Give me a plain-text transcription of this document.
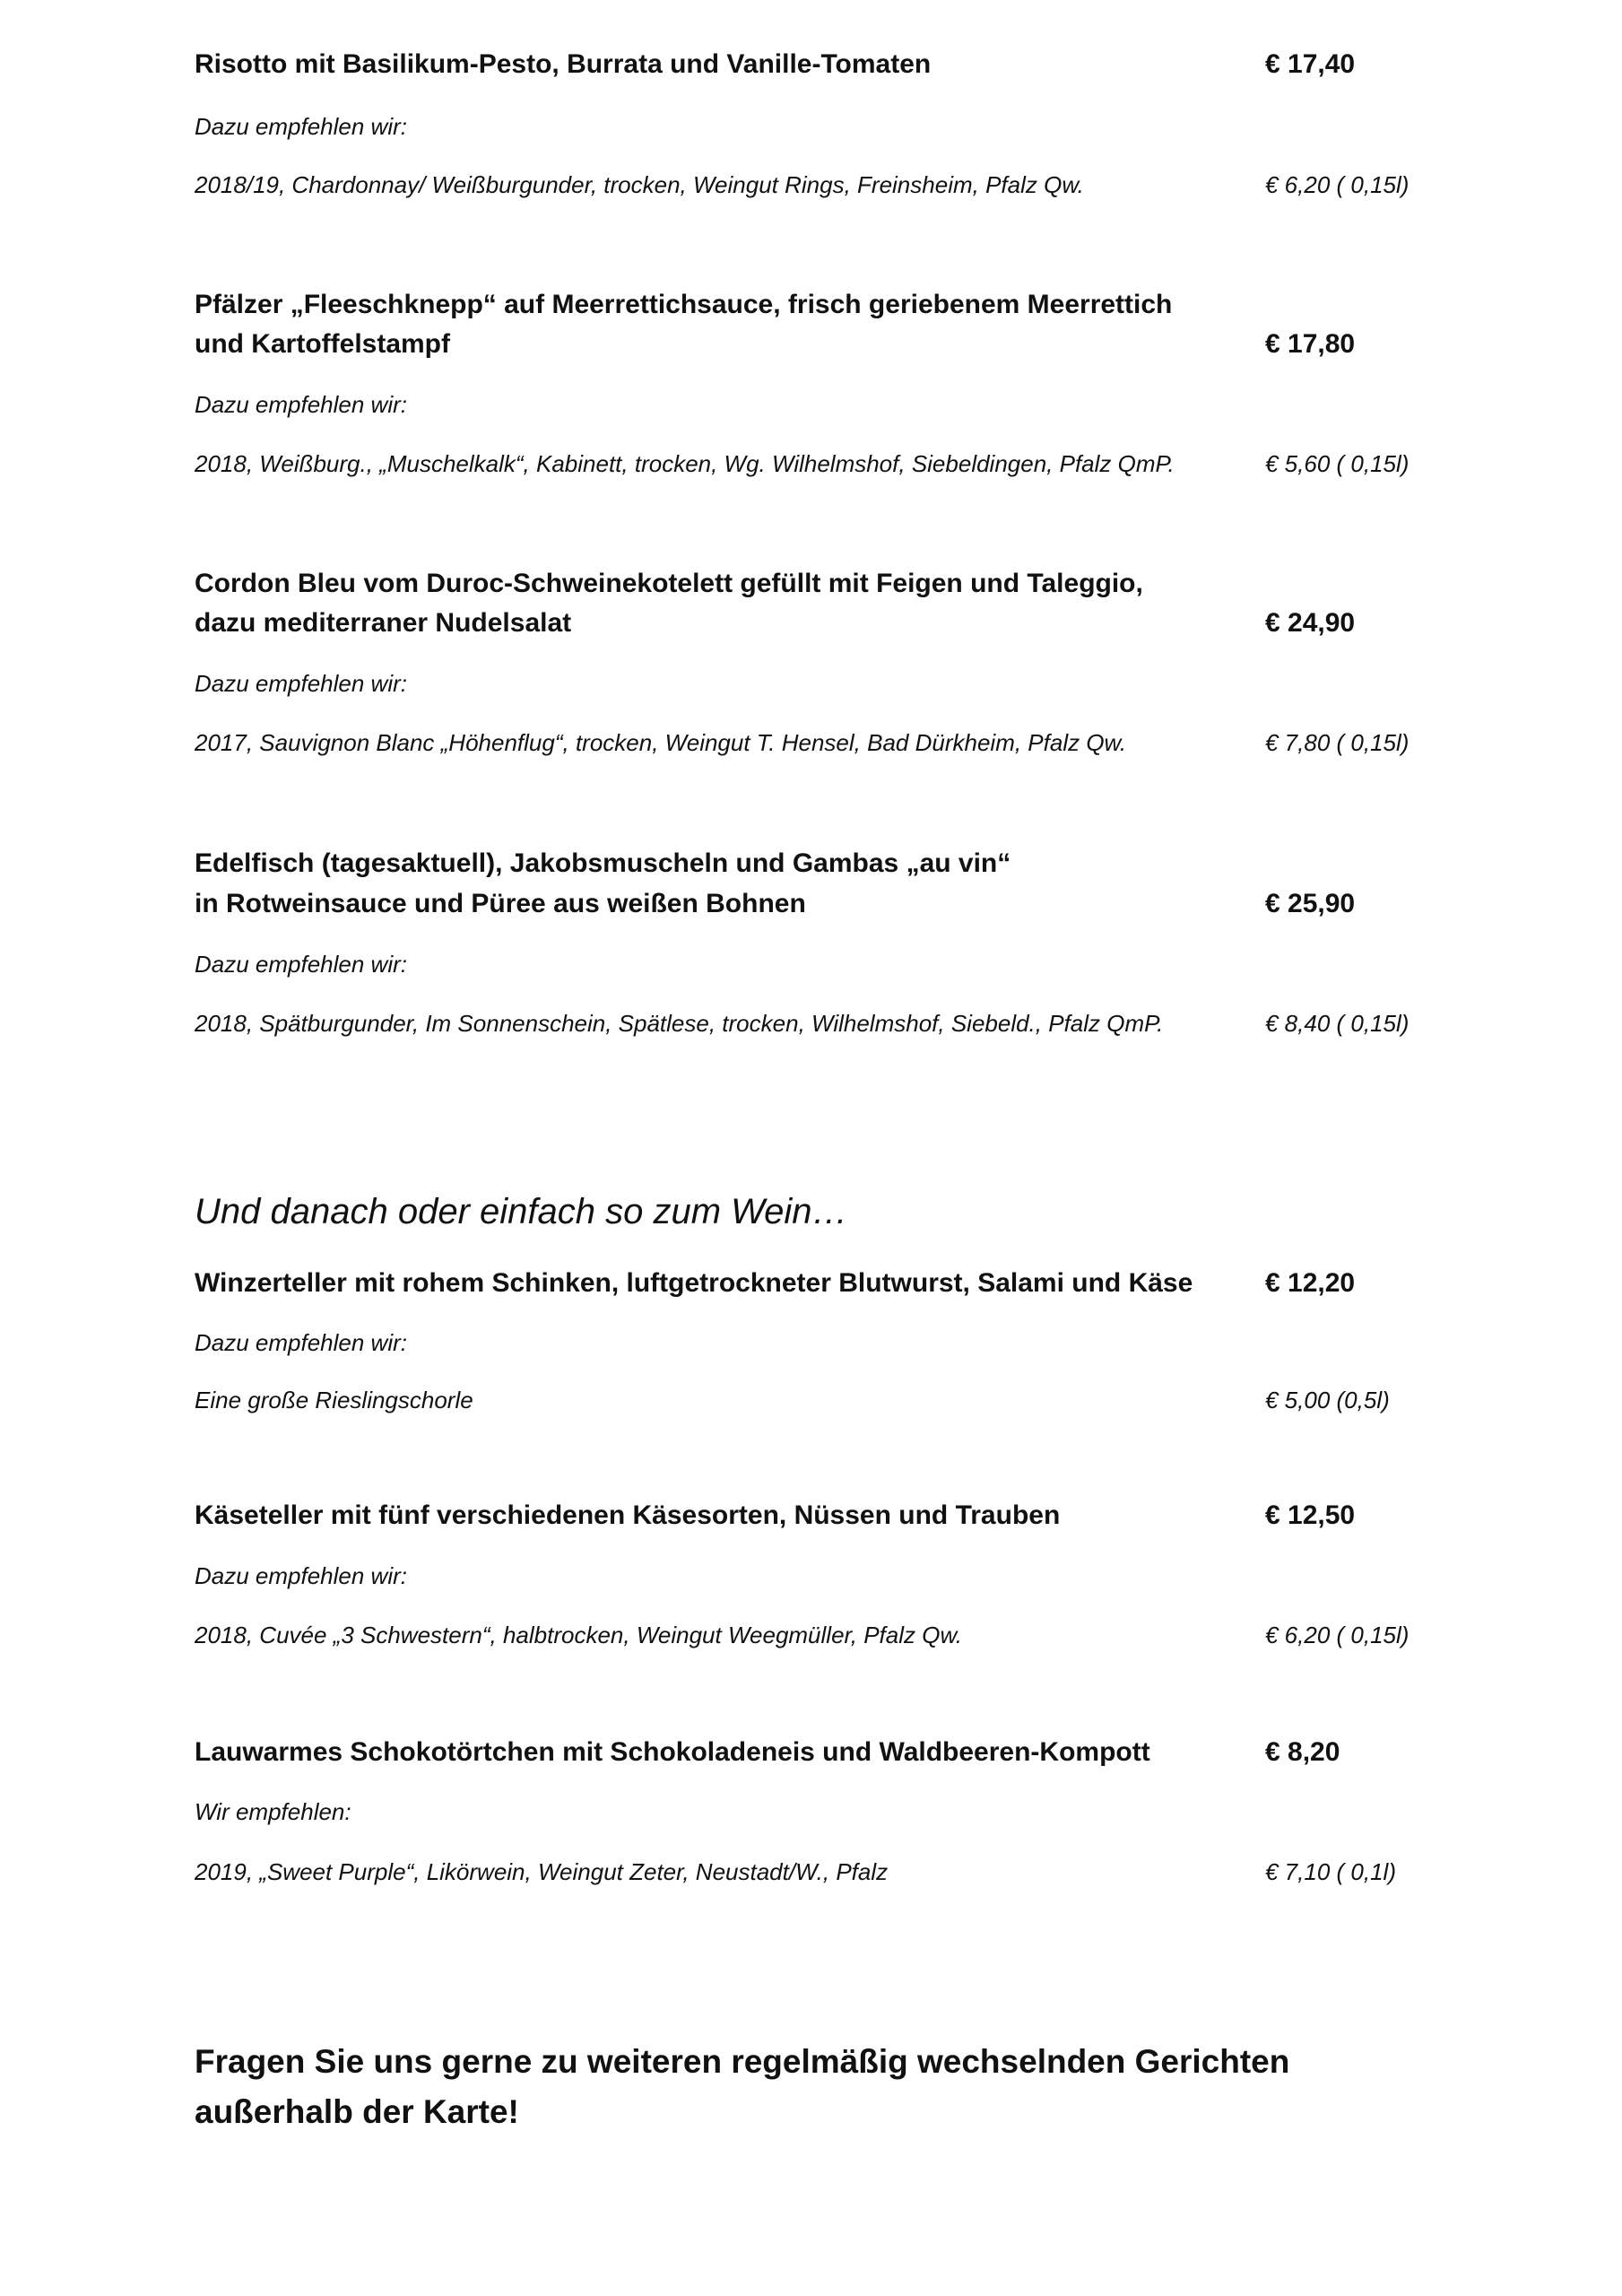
Risotto mit Basilikum-Pesto, Burrata und Vanille-Tomaten	€ 17,40
Dazu empfehlen wir:
2018/19, Chardonnay/ Weißburgunder, trocken, Weingut Rings, Freinsheim, Pfalz Qw.	€ 6,20 ( 0,15l)
Pfälzer „Fleeschknepp“ auf Meerrettichsauce, frisch geriebenem Meerrettich
und Kartoffelstampf	€ 17,80
Dazu empfehlen wir:
2018, Weißburg., „Muschelkalk“, Kabinett, trocken, Wg. Wilhelmshof, Siebeldingen, Pfalz QmP.	€ 5,60 ( 0,15l)
Cordon Bleu vom Duroc-Schweinekotelett gefüllt mit Feigen und Taleggio,
dazu mediterraner Nudelsalat	€ 24,90
Dazu empfehlen wir:
2017, Sauvignon Blanc „Höhenflug“, trocken, Weingut T. Hensel, Bad Dürkheim, Pfalz Qw.	€ 7,80 ( 0,15l)
Edelfisch (tagesaktuell), Jakobsmuscheln und Gambas „au vin“
in Rotweinsauce und Püree aus weißen Bohnen	€ 25,90
Dazu empfehlen wir:
2018, Spätburgunder, Im Sonnenschein, Spätlese, trocken, Wilhelmshof, Siebeld., Pfalz QmP.	€ 8,40 ( 0,15l)
Und danach oder einfach so zum Wein…
Winzerteller mit rohem Schinken, luftgetrockneter Blutwurst, Salami und Käse	€ 12,20
Dazu empfehlen wir:
Eine große Rieslingschorle	€ 5,00 (0,5l)
Käseteller mit fünf verschiedenen Käsesorten, Nüssen und Trauben	€ 12,50
Dazu empfehlen wir:
2018, Cuvée „3 Schwestern“, halbtrocken, Weingut Weegmüller, Pfalz Qw.	€ 6,20 ( 0,15l)
Lauwarmes Schokotörtchen mit Schokoladeneis und Waldbeeren-Kompott	€ 8,20
Wir empfehlen:
2019, „Sweet Purple“, Likörwein, Weingut Zeter, Neustadt/W., Pfalz	€ 7,10 ( 0,1l)
Fragen Sie uns gerne zu weiteren regelmäßig wechselnden Gerichten
außerhalb der Karte!
